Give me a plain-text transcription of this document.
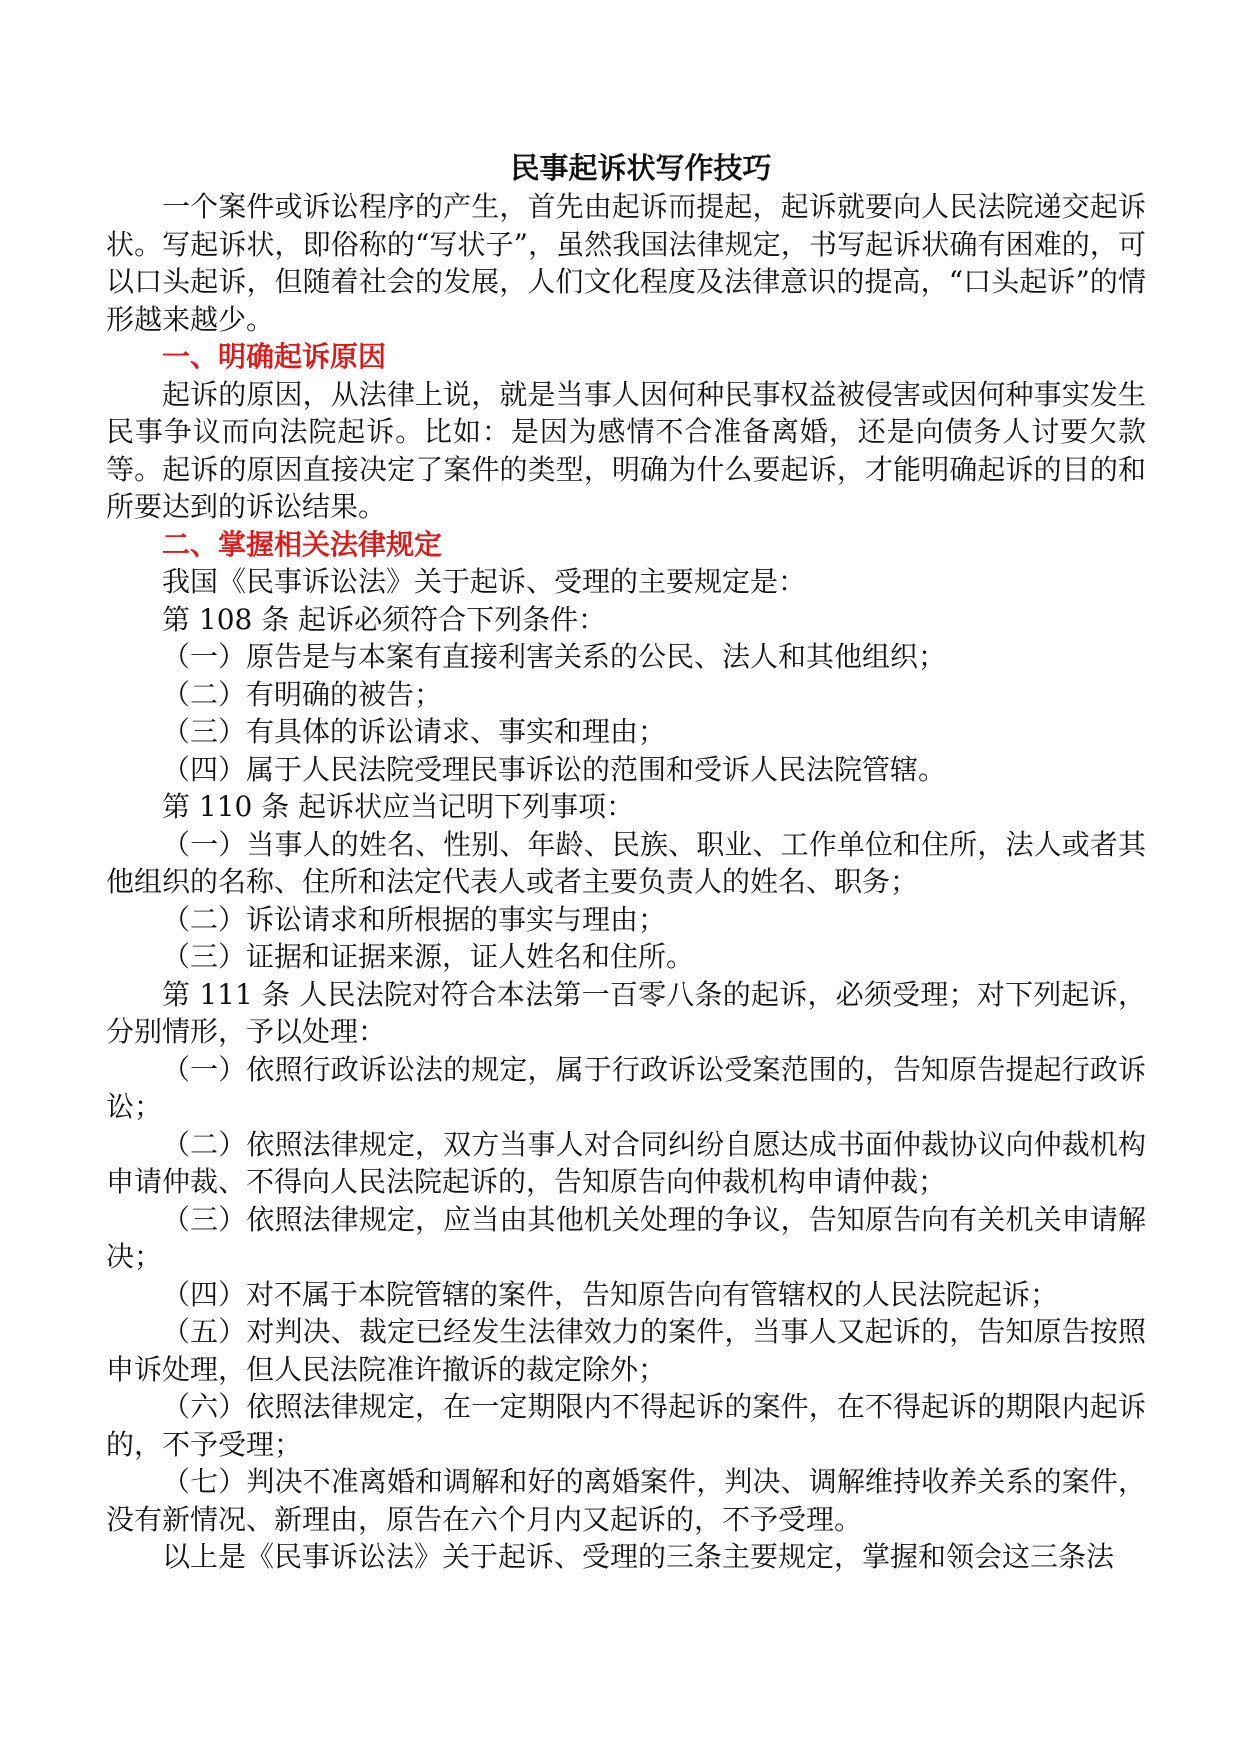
民事起诉状写作技巧

一个案件或诉讼程序的产生，首先由起诉而提起，起诉就要向人民法院递交起诉状。写起诉状，即俗称的“写状子”，虽然我国法律规定，书写起诉状确有困难的，可以口头起诉，但随着社会的发展，人们文化程度及法律意识的提高，“口头起诉”的情形越来越少。

一、明确起诉原因

起诉的原因，从法律上说，就是当事人因何种民事权益被侵害或因何种事实发生民事争议而向法院起诉。比如：是因为感情不合准备离婚，还是向债务人讨要欠款等。起诉的原因直接决定了案件的类型，明确为什么要起诉，才能明确起诉的目的和所要达到的诉讼结果。

二、掌握相关法律规定

我国《民事诉讼法》关于起诉、受理的主要规定是：

第 108 条 起诉必须符合下列条件：

（一）原告是与本案有直接利害关系的公民、法人和其他组织；

（二）有明确的被告；

（三）有具体的诉讼请求、事实和理由；

（四）属于人民法院受理民事诉讼的范围和受诉人民法院管辖。

第 110 条 起诉状应当记明下列事项：

（一）当事人的姓名、性别、年龄、民族、职业、工作单位和住所，法人或者其他组织的名称、住所和法定代表人或者主要负责人的姓名、职务；

（二）诉讼请求和所根据的事实与理由；

（三）证据和证据来源，证人姓名和住所。

第 111 条 人民法院对符合本法第一百零八条的起诉，必须受理；对下列起诉，分别情形，予以处理：

（一）依照行政诉讼法的规定，属于行政诉讼受案范围的，告知原告提起行政诉讼；

（二）依照法律规定，双方当事人对合同纠纷自愿达成书面仲裁协议向仲裁机构申请仲裁、不得向人民法院起诉的，告知原告向仲裁机构申请仲裁；

（三）依照法律规定，应当由其他机关处理的争议，告知原告向有关机关申请解决；

（四）对不属于本院管辖的案件，告知原告向有管辖权的人民法院起诉；

（五）对判决、裁定已经发生法律效力的案件，当事人又起诉的，告知原告按照申诉处理，但人民法院准许撤诉的裁定除外；

（六）依照法律规定，在一定期限内不得起诉的案件，在不得起诉的期限内起诉的，不予受理；

（七）判决不准离婚和调解和好的离婚案件，判决、调解维持收养关系的案件，没有新情况、新理由，原告在六个月内又起诉的，不予受理。

以上是《民事诉讼法》关于起诉、受理的三条主要规定，掌握和领会这三条法
